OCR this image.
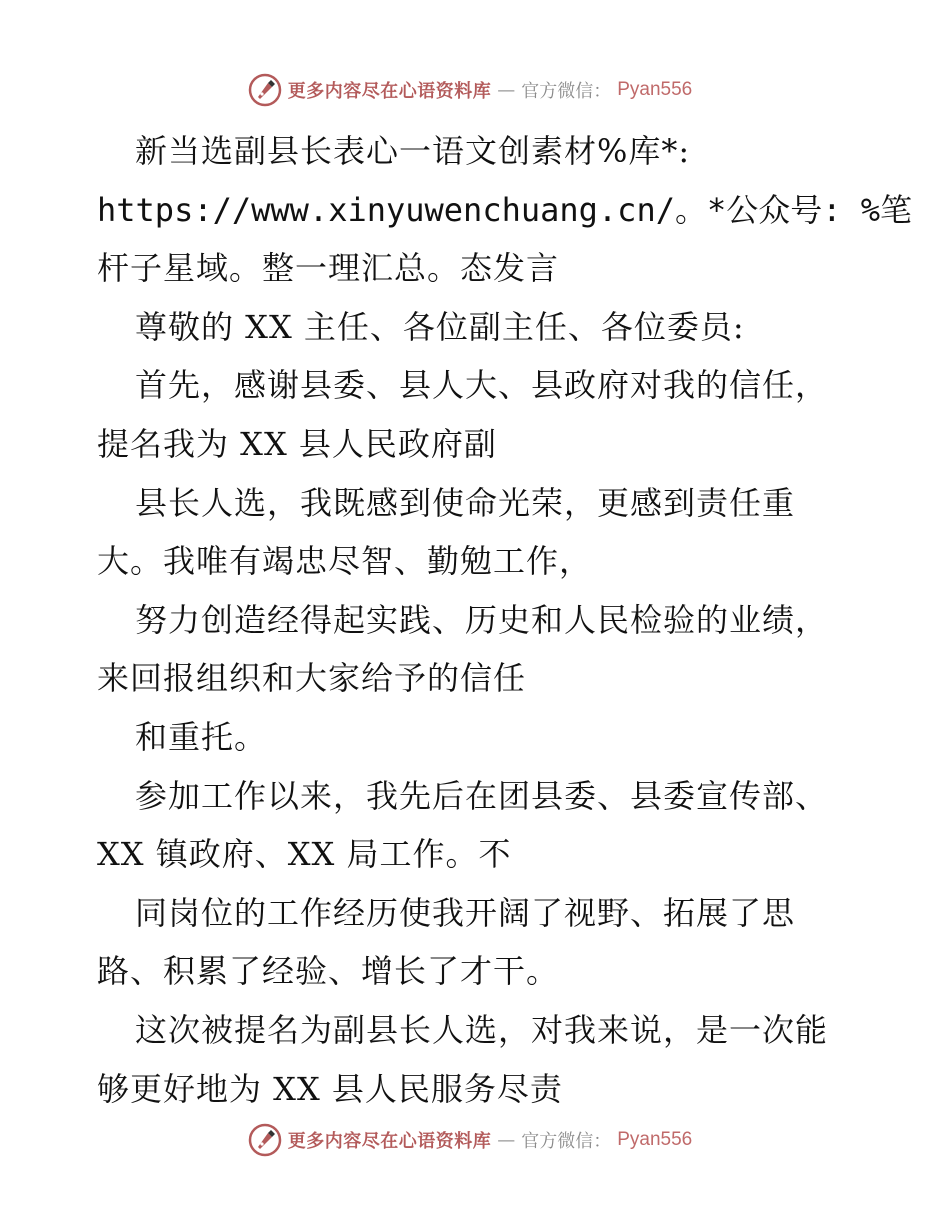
更多内容尽在心语资料库 — 官方微信： Pyan556
新当选副县长表心一语文创素材%库*:
https://www.xinyuwenchuang.cn/。*公众号: %笔
杆子星域。整一理汇总。态发言
尊敬的 XX 主任、各位副主任、各位委员:
首先，感谢县委、县人大、县政府对我的信任，
提名我为 XX 县人民政府副
县长人选，我既感到使命光荣，更感到责任重
大。我唯有竭忠尽智、勤勉工作，
努力创造经得起实践、历史和人民检验的业绩，
来回报组织和大家给予的信任
和重托。
参加工作以来，我先后在团县委、县委宣传部、
XX 镇政府、XX 局工作。不
同岗位的工作经历使我开阔了视野、拓展了思
路、积累了经验、增长了才干。
这次被提名为副县长人选，对我来说，是一次能
够更好地为 XX 县人民服务尽责
更多内容尽在心语资料库 — 官方微信： Pyan556
